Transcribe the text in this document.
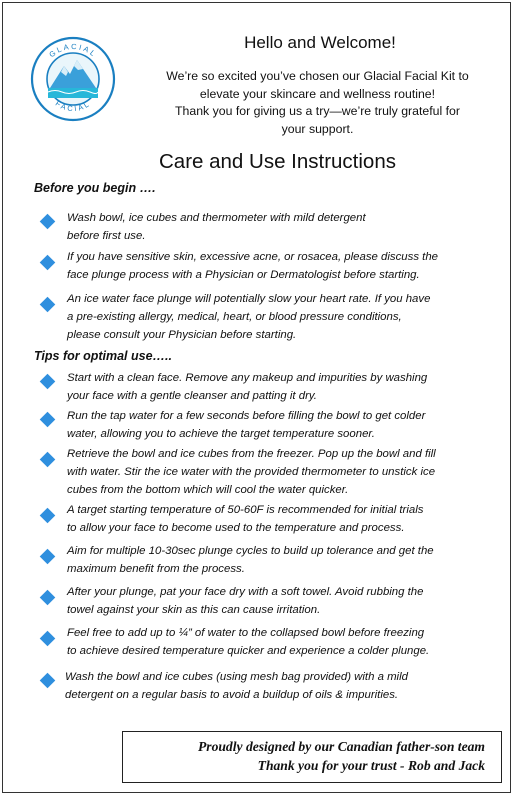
GLACIAL
FACIAL
Hello and Welcome!
We’re so excited you’ve chosen our Glacial Facial Kit to
elevate your skincare and wellness routine!
Thank you for giving us a try—we’re truly grateful for
your support.
Care and Use Instructions
Before you begin ….
Wash bowl, ice cubes and thermometer with mild detergent
before first use.
If you have sensitive skin, excessive acne, or rosacea, please discuss the
face plunge process with a Physician or Dermatologist before starting.
An ice water face plunge will potentially slow your heart rate. If you have
a pre-existing allergy, medical, heart, or blood pressure conditions,
please consult your Physician before starting.
Tips for optimal use…..
Start with a clean face. Remove any makeup and impurities by washing
your face with a gentle cleanser and patting it dry.
Run the tap water for a few seconds before filling the bowl to get colder
water, allowing you to achieve the target temperature sooner.
Retrieve the bowl and ice cubes from the freezer. Pop up the bowl and fill
with water. Stir the ice water with the provided thermometer to unstick ice
cubes from the bottom which will cool the water quicker.
A target starting temperature of 50-60F is recommended for initial trials
to allow your face to become used to the temperature and process.
Aim for multiple 10-30sec plunge cycles to build up tolerance and get the
maximum benefit from the process.
After your plunge, pat your face dry with a soft towel. Avoid rubbing the
towel against your skin as this can cause irritation.
Feel free to add up to ¼” of water to the collapsed bowl before freezing
to achieve desired temperature quicker and experience a colder plunge.
Wash the bowl and ice cubes (using mesh bag provided) with a mild
detergent on a regular basis to avoid a buildup of oils & impurities.
Proudly designed by our Canadian father-son team
Thank you for your trust - Rob and Jack
